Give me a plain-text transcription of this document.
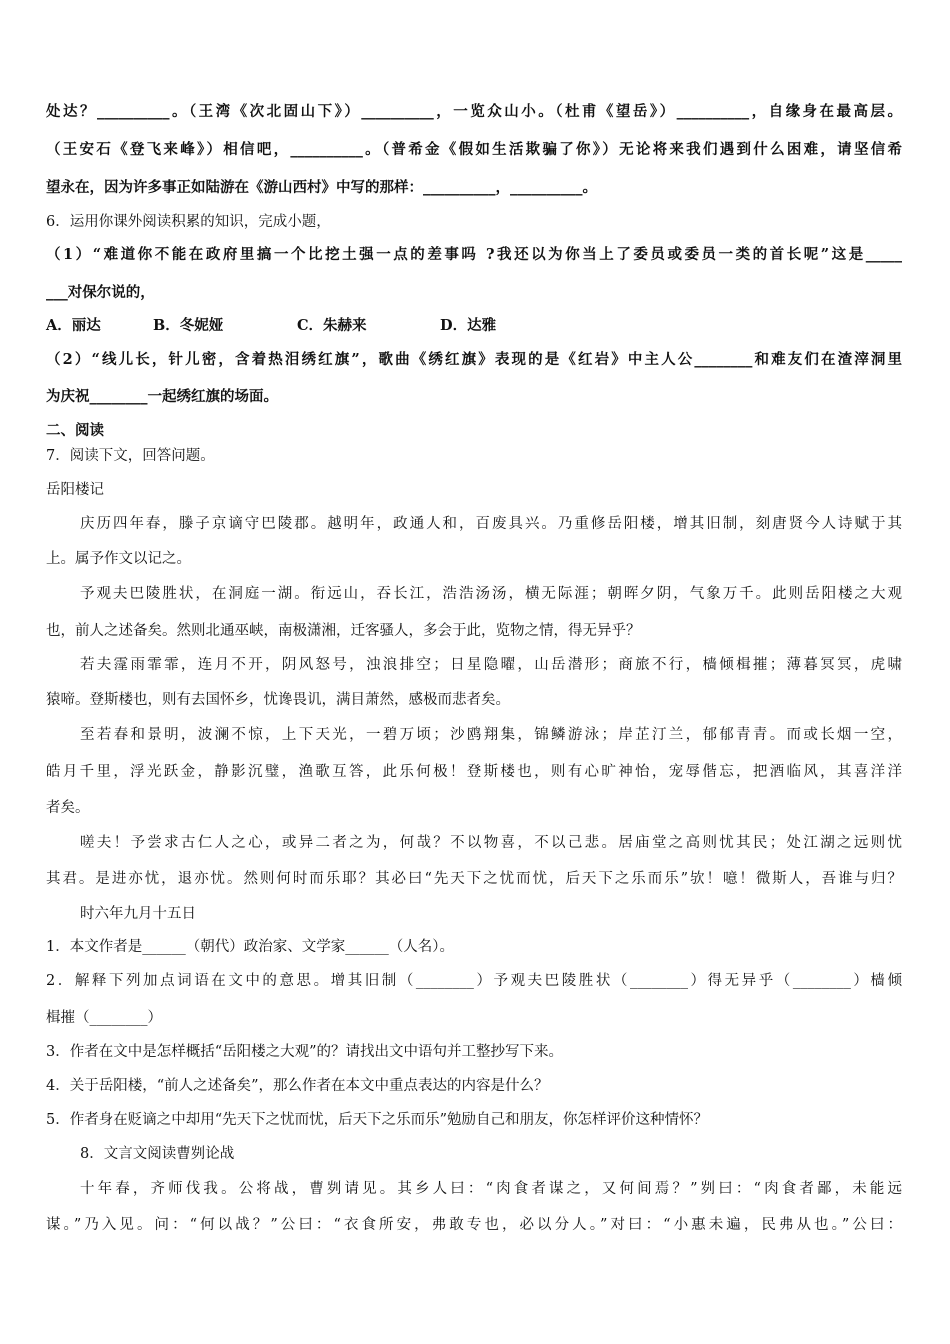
处达？__________。（王湾《次北固山下》）__________，一览众山小。（杜甫《望岳》）__________，自缘身在最高层。
（王安石《登飞来峰》）相信吧，__________。（普希金《假如生活欺骗了你》）无论将来我们遇到什么困难，请坚信希
望永在，因为许多事正如陆游在《游山西村》中写的那样：__________，__________。
6．运用你课外阅读积累的知识，完成小题，
（1）“难道你不能在政府里搞一个比挖土强一点的差事吗 ?我还以为你当上了委员或委员一类的首长呢”这是_____
___对保尔说的，
A．丽达	B．冬妮娅	C．朱赫来	D．达雅
（2）“线儿长，针儿密，含着热泪绣红旗”，歌曲《绣红旗》表现的是《红岩》中主人公________和难友们在渣滓洞里
为庆祝________一起绣红旗的场面。
二、阅读
7．阅读下文，回答问题。
岳阳楼记
庆历四年春，滕子京谪守巴陵郡。越明年，政通人和，百废具兴。乃重修岳阳楼，增其旧制，刻唐贤今人诗赋于其
上。属予作文以记之。
予观夫巴陵胜状，在洞庭一湖。衔远山，吞长江，浩浩汤汤，横无际涯；朝晖夕阴，气象万千。此则岳阳楼之大观
也，前人之述备矣。然则北通巫峡，南极潇湘，迁客骚人，多会于此，览物之情，得无异乎？
若夫霪雨霏霏，连月不开，阴风怒号，浊浪排空；日星隐曜，山岳潜形；商旅不行，樯倾楫摧；薄暮冥冥，虎啸
猿啼。登斯楼也，则有去国怀乡，忧谗畏讥，满目萧然，感极而悲者矣。
至若春和景明，波澜不惊，上下天光，一碧万顷；沙鸥翔集，锦鳞游泳；岸芷汀兰，郁郁青青。而或长烟一空，
皓月千里，浮光跃金，静影沉璧，渔歌互答，此乐何极！登斯楼也，则有心旷神怡，宠辱偕忘，把酒临风，其喜洋洋
者矣。
嗟夫！予尝求古仁人之心，或异二者之为，何哉？不以物喜，不以己悲。居庙堂之高则忧其民；处江湖之远则忧
其君。是进亦忧，退亦忧。然则何时而乐耶？其必曰“先天下之忧而忧，后天下之乐而乐”欤！噫！微斯人，吾谁与归？
时六年九月十五日
1．本文作者是______（朝代）政治家、文学家______（人名）。
2．解释下列加点词语在文中的意思。增其旧制（________）予观夫巴陵胜状（________）得无异乎（________）樯倾
楫摧（________）
3．作者在文中是怎样概括“岳阳楼之大观”的？请找出文中语句并工整抄写下来。
4．关于岳阳楼，“前人之述备矣”，那么作者在本文中重点表达的内容是什么？
5．作者身在贬谪之中却用“先天下之忧而忧，后天下之乐而乐”勉励自己和朋友，你怎样评价这种情怀？
8．文言文阅读曹刿论战
十年春，齐师伐我。公将战，曹刿请见。其乡人曰：“肉食者谋之，又何间焉？”刿曰：“肉食者鄙，未能远
谋。”乃入见。问：“何以战？”公曰：“衣食所安，弗敢专也，必以分人。”对曰：“小惠未遍，民弗从也。”公曰：
